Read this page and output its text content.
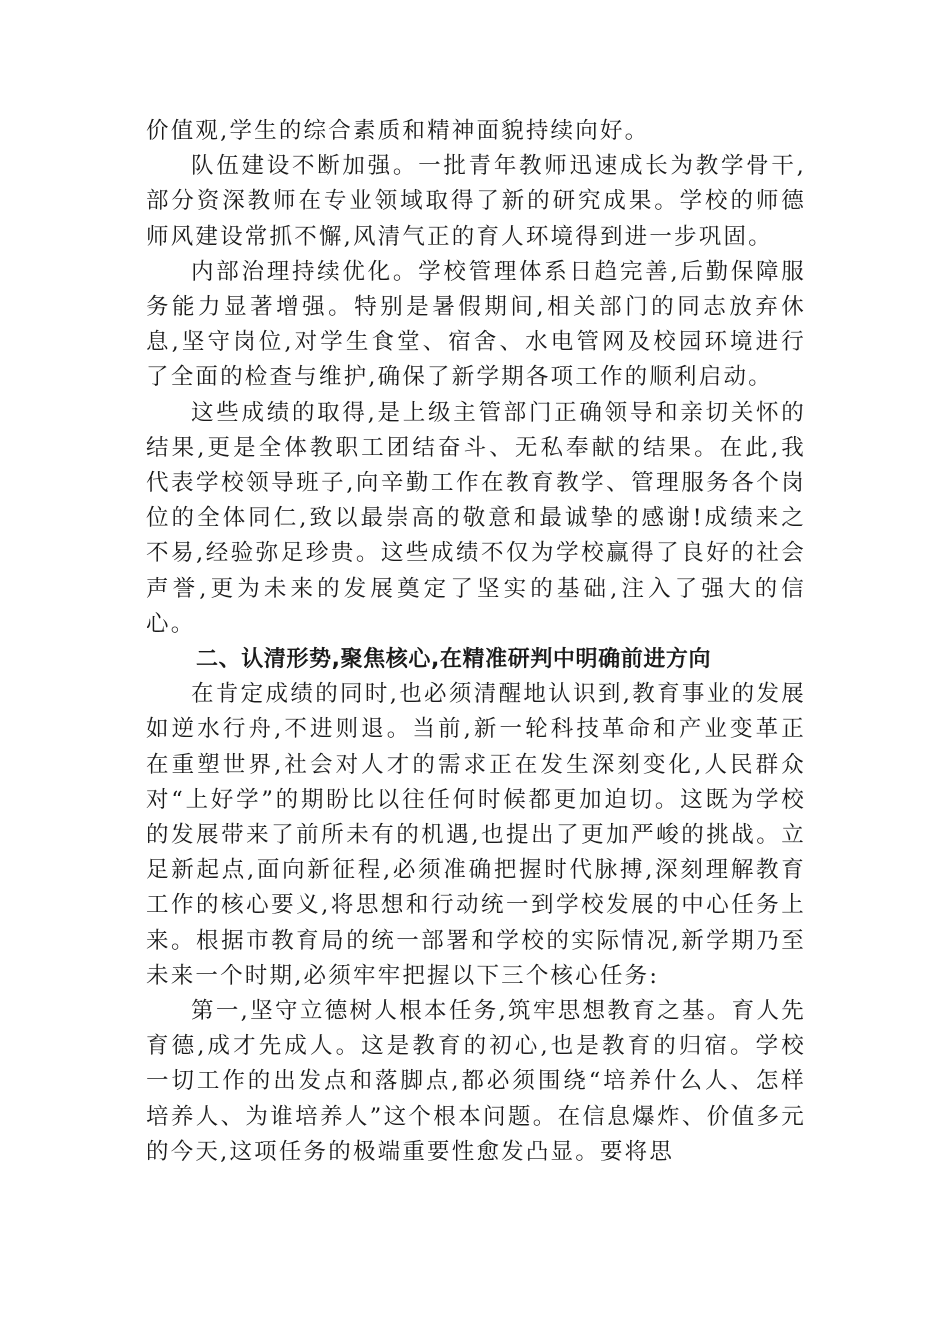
价值观,学生的综合素质和精神面貌持续向好。

队伍建设不断加强。一批青年教师迅速成长为教学骨干,部分资深教师在专业领域取得了新的研究成果。学校的师德师风建设常抓不懈,风清气正的育人环境得到进一步巩固。

内部治理持续优化。学校管理体系日趋完善,后勤保障服务能力显著增强。特别是暑假期间,相关部门的同志放弃休息,坚守岗位,对学生食堂、宿舍、水电管网及校园环境进行了全面的检查与维护,确保了新学期各项工作的顺利启动。

这些成绩的取得,是上级主管部门正确领导和亲切关怀的结果,更是全体教职工团结奋斗、无私奉献的结果。在此,我代表学校领导班子,向辛勤工作在教育教学、管理服务各个岗位的全体同仁,致以最崇高的敬意和最诚挚的感谢!成绩来之不易,经验弥足珍贵。这些成绩不仅为学校赢得了良好的社会声誉,更为未来的发展奠定了坚实的基础,注入了强大的信心。

二、认清形势,聚焦核心,在精准研判中明确前进方向

在肯定成绩的同时,也必须清醒地认识到,教育事业的发展如逆水行舟,不进则退。当前,新一轮科技革命和产业变革正在重塑世界,社会对人才的需求正在发生深刻变化,人民群众对“上好学”的期盼比以往任何时候都更加迫切。这既为学校的发展带来了前所未有的机遇,也提出了更加严峻的挑战。立足新起点,面向新征程,必须准确把握时代脉搏,深刻理解教育工作的核心要义,将思想和行动统一到学校发展的中心任务上来。根据市教育局的统一部署和学校的实际情况,新学期乃至未来一个时期,必须牢牢把握以下三个核心任务:

第一,坚守立德树人根本任务,筑牢思想教育之基。育人先育德,成才先成人。这是教育的初心,也是教育的归宿。学校一切工作的出发点和落脚点,都必须围绕“培养什么人、怎样培养人、为谁培养人”这个根本问题。在信息爆炸、价值多元的今天,这项任务的极端重要性愈发凸显。要将思
